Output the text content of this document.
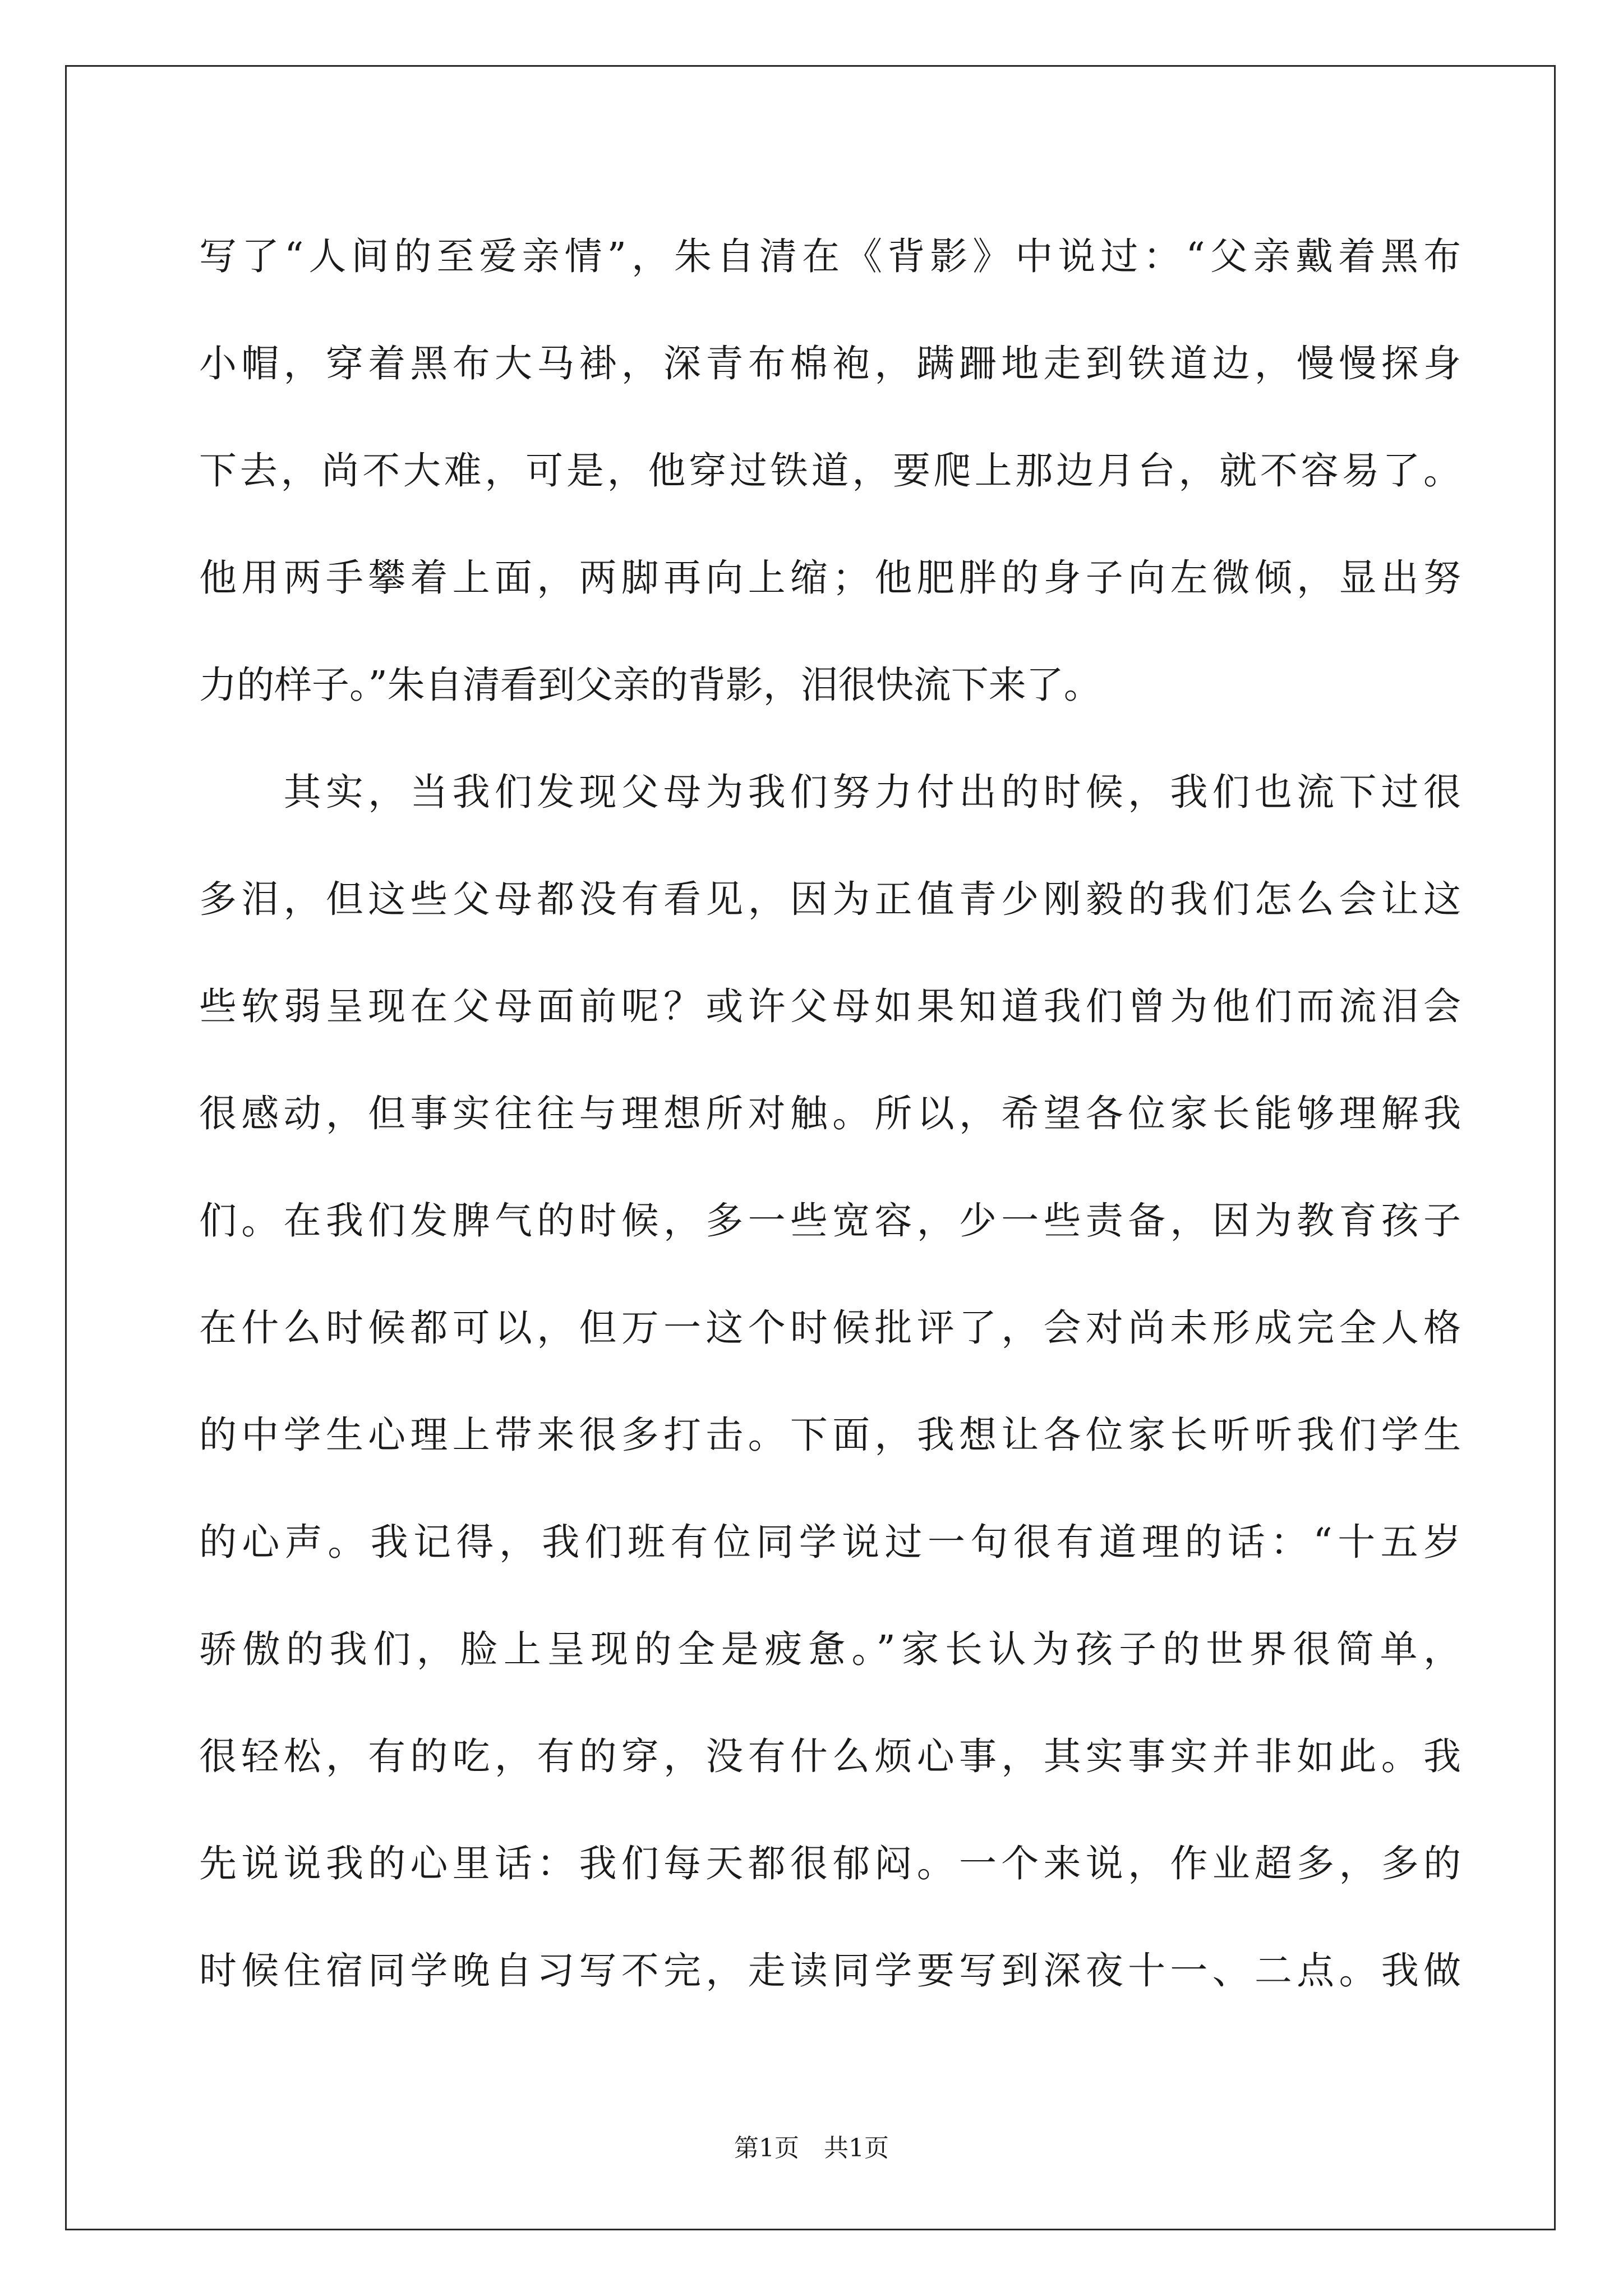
写了“人间的至爱亲情”，朱自清在《背影》中说过：“父亲戴着黑布
小帽，穿着黑布大马褂，深青布棉袍，蹒跚地走到铁道边，慢慢探身
下去，尚不大难，可是，他穿过铁道，要爬上那边月台，就不容易了。
他用两手攀着上面，两脚再向上缩；他肥胖的身子向左微倾，显出努
力的样子。”朱自清看到父亲的背影，泪很快流下来了。
　　其实，当我们发现父母为我们努力付出的时候，我们也流下过很
多泪，但这些父母都没有看见，因为正值青少刚毅的我们怎么会让这
些软弱呈现在父母面前呢？或许父母如果知道我们曾为他们而流泪会
很感动，但事实往往与理想所对触。所以，希望各位家长能够理解我
们。在我们发脾气的时候，多一些宽容，少一些责备，因为教育孩子
在什么时候都可以，但万一这个时候批评了，会对尚未形成完全人格
的中学生心理上带来很多打击。下面，我想让各位家长听听我们学生
的心声。我记得，我们班有位同学说过一句很有道理的话：“十五岁
骄傲的我们，脸上呈现的全是疲惫。”家长认为孩子的世界很简单，
很轻松，有的吃，有的穿，没有什么烦心事，其实事实并非如此。我
先说说我的心里话：我们每天都很郁闷。一个来说，作业超多，多的
时候住宿同学晚自习写不完，走读同学要写到深夜十一、二点。我做
第1页　共1页
